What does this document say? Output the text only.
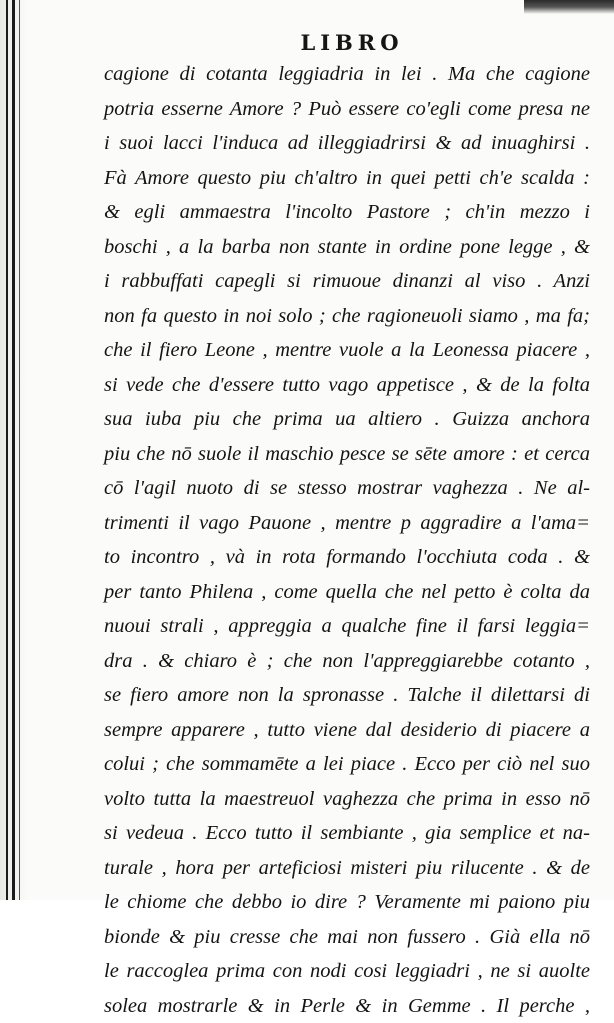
LIBRO
cagione di cotanta leggiadria in lei . Ma che cagione
potria esserne Amore ? Può essere co'egli come presa ne
i suoi lacci l'induca ad illeggiadrirsi & ad inuaghirsi .
Fà Amore questo piu ch'altro in quei petti ch'e scalda :
& egli ammaestra l'incolto Pastore ; ch'in mezzo i
boschi , a la barba non stante in ordine pone legge , &
i rabbuffati capegli si rimuoue dinanzi al viso . Anzi
non fa questo in noi solo ; che ragioneuoli siamo , ma fa;
che il fiero Leone , mentre vuole a la Leonessa piacere ,
si vede che d'essere tutto vago appetisce , & de la folta
sua iuba piu che prima ua altiero . Guizza anchora
piu che nō suole il maschio pesce se sēte amore : et cerca
cō l'agil nuoto di se stesso mostrar vaghezza . Ne al-
trimenti il vago Pauone , mentre p aggradire a l'ama=
to incontro , và in rota formando l'occhiuta coda . &
per tanto Philena , come quella che nel petto è colta da
nuoui strali , appreggia a qualche fine il farsi leggia=
dra . & chiaro è ; che non l'appreggiarebbe cotanto ,
se fiero amore non la spronasse . Talche il dilettarsi di
sempre apparere , tutto viene dal desiderio di piacere a
colui ; che sommamēte a lei piace . Ecco per ciò nel suo
volto tutta la maestreuol vaghezza che prima in esso nō
si vedeua . Ecco tutto il sembiante , gia semplice et na-
turale , hora per arteficiosi misteri piu rilucente . & de
le chiome che debbo io dire ? Veramente mi paiono piu
bionde & piu cresse che mai non fussero . Già ella nō
le raccoglea prima con nodi cosi leggiadri , ne si auolte
solea mostrarle & in Perle & in Gemme . Il perche ,
